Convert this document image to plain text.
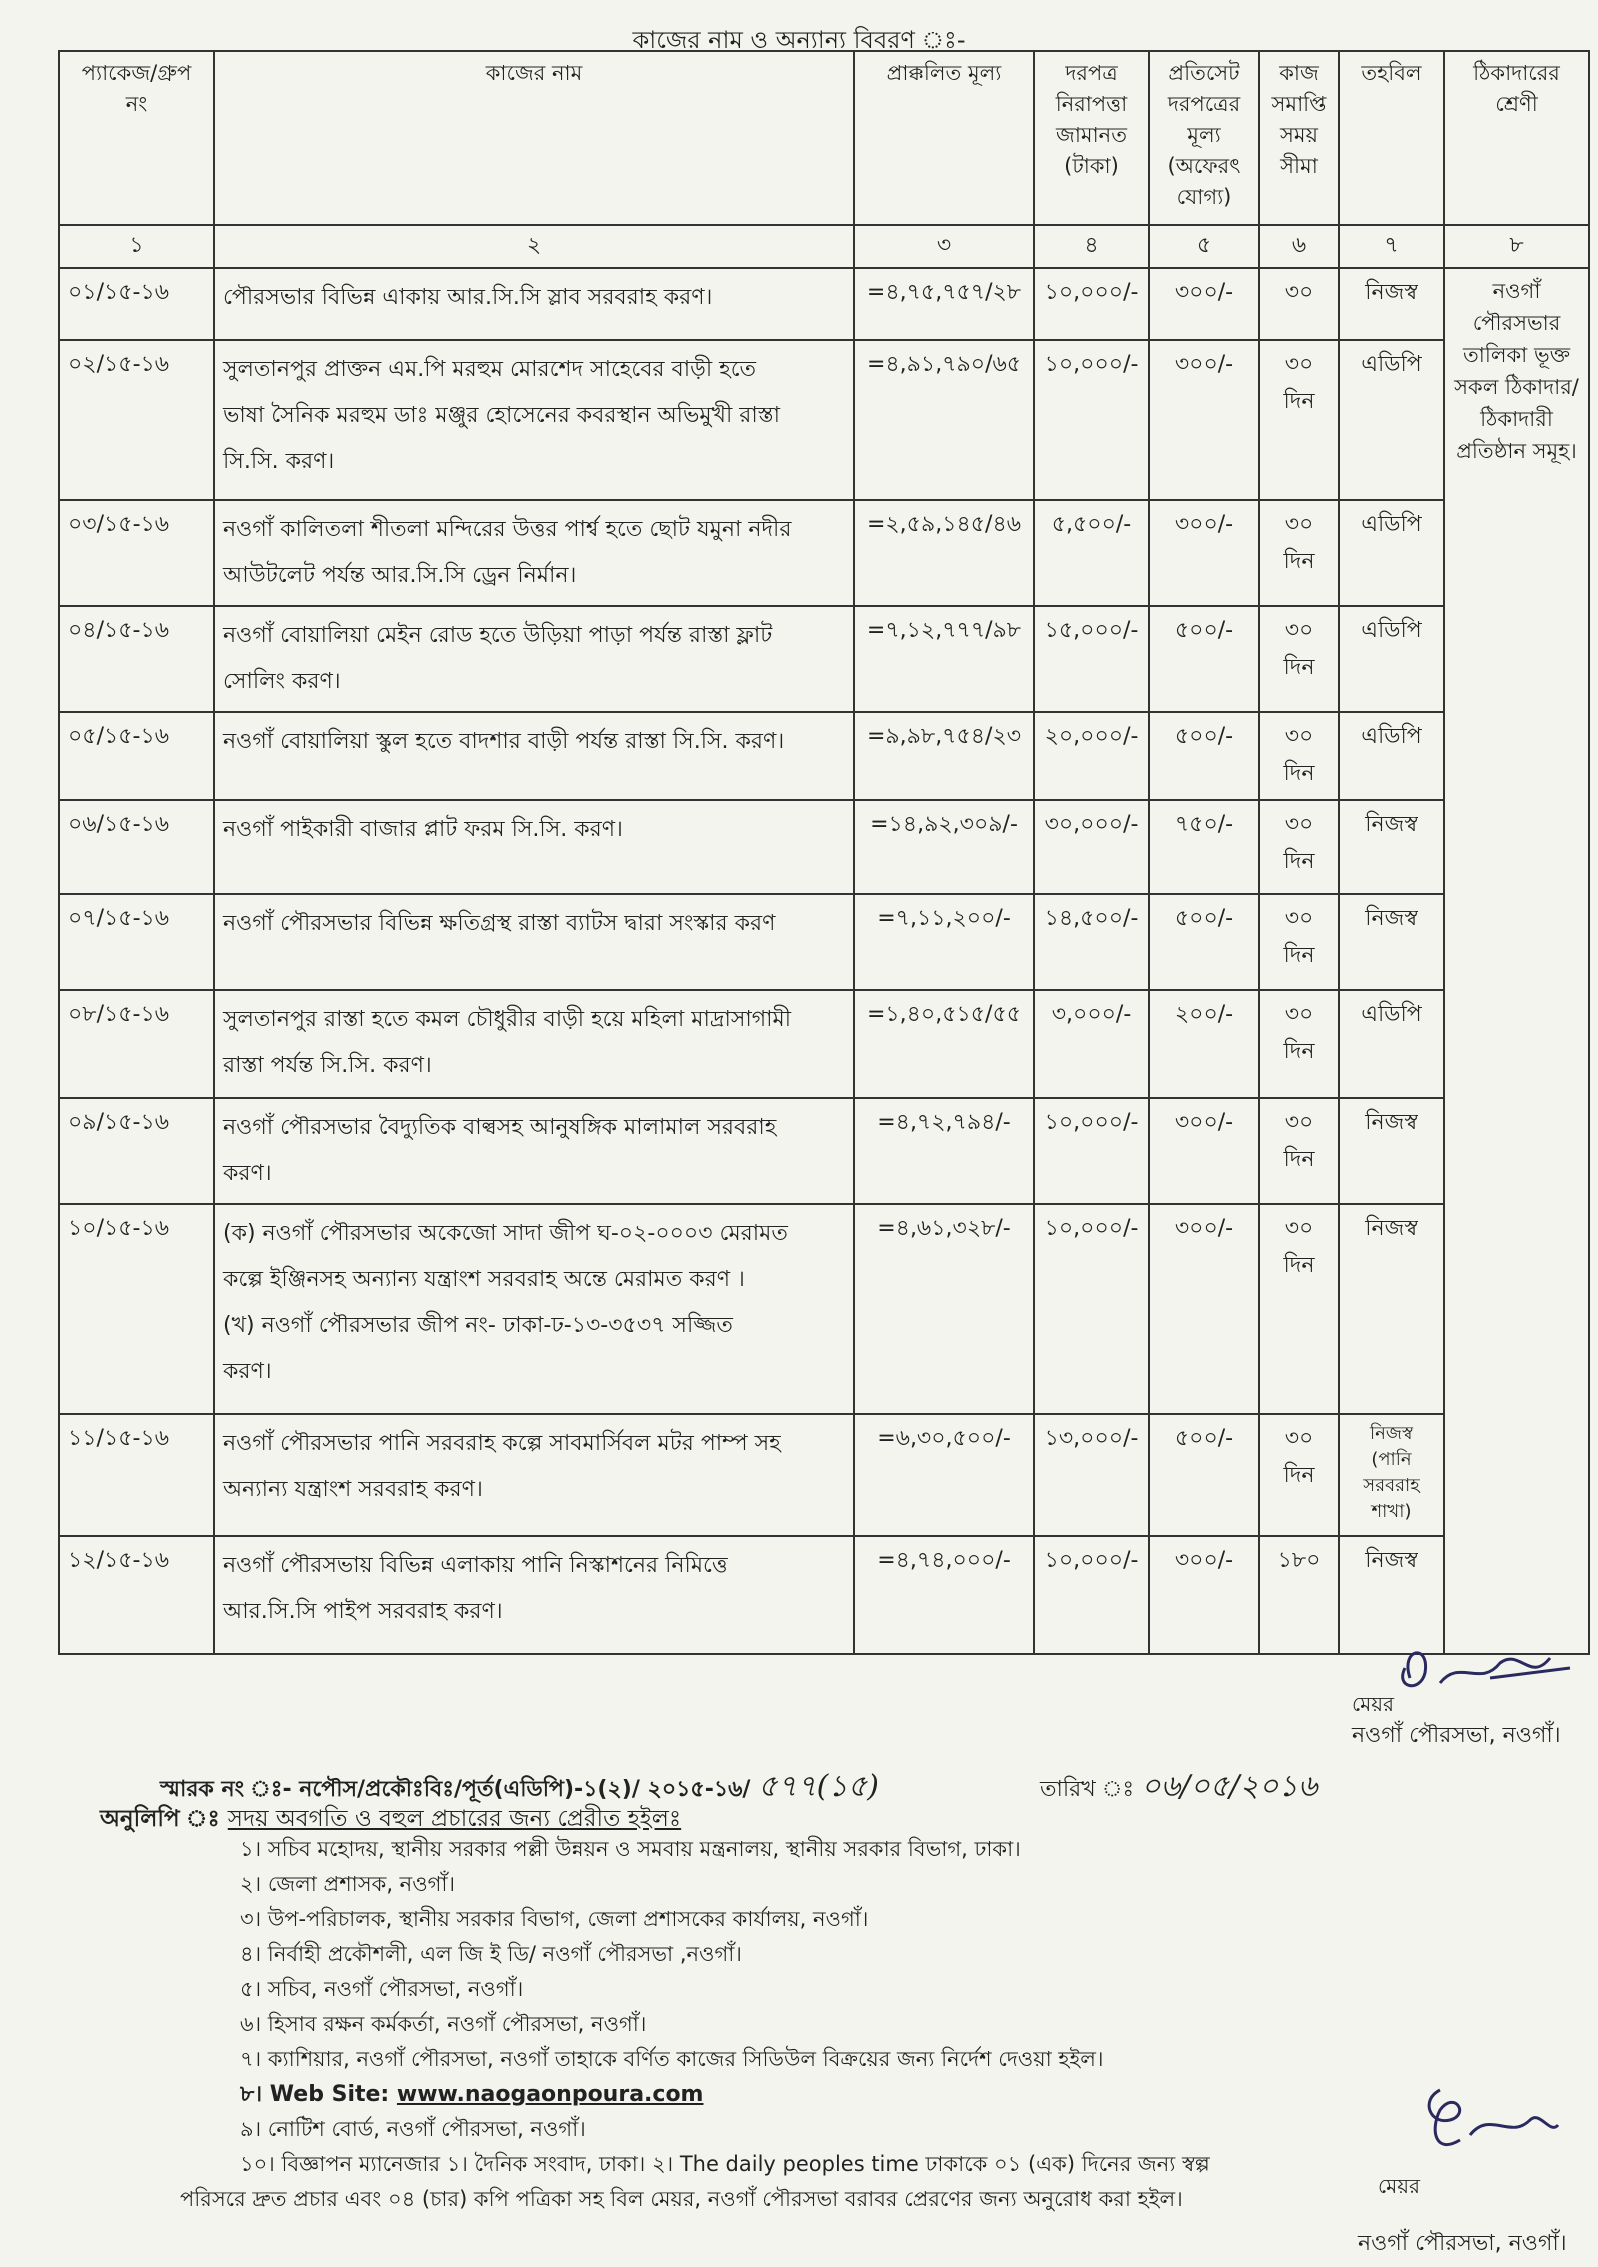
কাজের নাম ও অন্যান্য বিবরণ ঃ-
প্যাকেজ/গ্রুপ নং	কাজের নাম	প্রাক্কলিত মূল্য	দরপত্র নিরাপত্তা জামানত (টাকা)	প্রতিসেট দরপত্রের মূল্য (অফেরৎ যোগ্য)	কাজ সমাপ্তি সময় সীমা	তহবিল	ঠিকাদারের শ্রেণী
১	২	৩	৪	৫	৬	৭	৮
০১/১৫-১৬	পৌরসভার বিভিন্ন এাকায় আর.সি.সি স্লাব সরবরাহ করণ।	=৪,৭৫,৭৫৭/২৮	১০,০০০/-	৩০০/-	৩০	নিজস্ব	নওগাঁ পৌরসভার তালিকা ভূক্ত সকল ঠিকাদার/ ঠিকাদারী প্রতিষ্ঠান সমূহ।
০২/১৫-১৬	সুলতানপুর প্রাক্তন এম.পি মরহুম মোরশেদ সাহেবের বাড়ী হতে
ভাষা সৈনিক মরহুম ডাঃ মঞ্জুর হোসেনের কবরস্থান অভিমুখী রাস্তা
সি.সি. করণ।	=৪,৯১,৭৯০/৬৫	১০,০০০/-	৩০০/-	৩০ দিন	এডিপি	
০৩/১৫-১৬	নওগাঁ কালিতলা শীতলা মন্দিরের উত্তর পার্শ্ব হতে ছোট যমুনা নদীর
আউটলেট পর্যন্ত আর.সি.সি ড্রেন নির্মান।	=২,৫৯,১৪৫/৪৬	৫,৫০০/-	৩০০/-	৩০ দিন	এডিপি	
০৪/১৫-১৬	নওগাঁ বোয়ালিয়া মেইন রোড হতে উড়িয়া পাড়া পর্যন্ত রাস্তা ফ্লাট
সোলিং করণ।	=৭,১২,৭৭৭/৯৮	১৫,০০০/-	৫০০/-	৩০ দিন	এডিপি	
০৫/১৫-১৬	নওগাঁ বোয়ালিয়া স্কুল হতে বাদশার বাড়ী পর্যন্ত রাস্তা সি.সি. করণ।	=৯,৯৮,৭৫৪/২৩	২০,০০০/-	৫০০/-	৩০ দিন	এডিপি	
০৬/১৫-১৬	নওগাঁ পাইকারী বাজার প্লাট ফরম সি.সি. করণ।	=১৪,৯২,৩০৯/-	৩০,০০০/-	৭৫০/-	৩০ দিন	নিজস্ব	
০৭/১৫-১৬	নওগাঁ পৌরসভার বিভিন্ন ক্ষতিগ্রস্থ রাস্তা ব্যাটস দ্বারা সংস্কার করণ	=৭,১১,২০০/-	১৪,৫০০/-	৫০০/-	৩০ দিন	নিজস্ব	
০৮/১৫-১৬	সুলতানপুর রাস্তা হতে কমল চৌধুরীর বাড়ী হয়ে মহিলা মাদ্রাসাগামী
রাস্তা পর্যন্ত সি.সি. করণ।	=১,৪০,৫১৫/৫৫	৩,০০০/-	২০০/-	৩০ দিন	এডিপি	
০৯/১৫-১৬	নওগাঁ পৌরসভার বৈদ্যুতিক বাল্বসহ আনুষঙ্গিক মালামাল সরবরাহ
করণ।	=৪,৭২,৭৯৪/-	১০,০০০/-	৩০০/-	৩০ দিন	নিজস্ব	
১০/১৫-১৬	(ক) নওগাঁ পৌরসভার অকেজো সাদা জীপ ঘ-০২-০০০৩ মেরামত
কল্পে ইঞ্জিনসহ অন্যান্য যন্ত্রাংশ সরবরাহ অন্তে মেরামত করণ ।
(খ) নওগাঁ পৌরসভার জীপ নং- ঢাকা-ঢ-১৩-৩৫৩৭ সজ্জিত
করণ।	=৪,৬১,৩২৮/-	১০,০০০/-	৩০০/-	৩০ দিন	নিজস্ব	
১১/১৫-১৬	নওগাঁ পৌরসভার পানি সরবরাহ কল্পে সাবমার্সিবল মটর পাম্প সহ
অন্যান্য যন্ত্রাংশ সরবরাহ করণ।	=৬,৩০,৫০০/-	১৩,০০০/-	৫০০/-	৩০ দিন	নিজস্ব (পানি সরবরাহ শাখা)	
১২/১৫-১৬	নওগাঁ পৌরসভায় বিভিন্ন এলাকায় পানি নিস্কাশনের নিমিত্তে
আর.সি.সি পাইপ সরবরাহ করণ।	=৪,৭৪,০০০/-	১০,০০০/-	৩০০/-	১৮০	নিজস্ব	
মেয়র
নওগাঁ পৌরসভা, নওগাঁ।
স্মারক নং ঃ- নপৌস/প্রকৌঃবিঃ/পূর্ত(এডিপি)-১(২)/ ২০১৫-১৬/ ৫৭৭(১৫)	তারিখ ঃ ০৬/০৫/২০১৬
অনুলিপি ঃ সদয় অবগতি ও বহুল প্রচারের জন্য প্রেরীত হইলঃ
১। সচিব মহোদয়, স্থানীয় সরকার পল্লী উন্নয়ন ও সমবায় মন্ত্রনালয়, স্থানীয় সরকার বিভাগ, ঢাকা।
২। জেলা প্রশাসক, নওগাঁ।
৩। উপ-পরিচালক, স্থানীয় সরকার বিভাগ, জেলা প্রশাসকের কার্যালয়, নওগাঁ।
৪। নির্বাহী প্রকৌশলী, এল জি ই ডি/ নওগাঁ পৌরসভা ,নওগাঁ।
৫। সচিব, নওগাঁ পৌরসভা, নওগাঁ।
৬। হিসাব রক্ষন কর্মকর্তা, নওগাঁ পৌরসভা, নওগাঁ।
৭। ক্যাশিয়ার, নওগাঁ পৌরসভা, নওগাঁ তাহাকে বর্ণিত কাজের সিডিউল বিক্রয়ের জন্য নির্দেশ দেওয়া হইল।
৮। Web Site: www.naogaonpoura.com
৯। নোটিশ বোর্ড, নওগাঁ পৌরসভা, নওগাঁ।
১০। বিজ্ঞাপন ম্যানেজার ১। দৈনিক সংবাদ, ঢাকা। ২। The daily peoples time ঢাকাকে ০১ (এক) দিনের জন্য স্বল্প
পরিসরে দ্রুত প্রচার এবং ০৪ (চার) কপি পত্রিকা সহ বিল মেয়র, নওগাঁ পৌরসভা বরাবর প্রেরণের জন্য অনুরোধ করা হইল।
মেয়র
নওগাঁ পৌরসভা, নওগাঁ।
